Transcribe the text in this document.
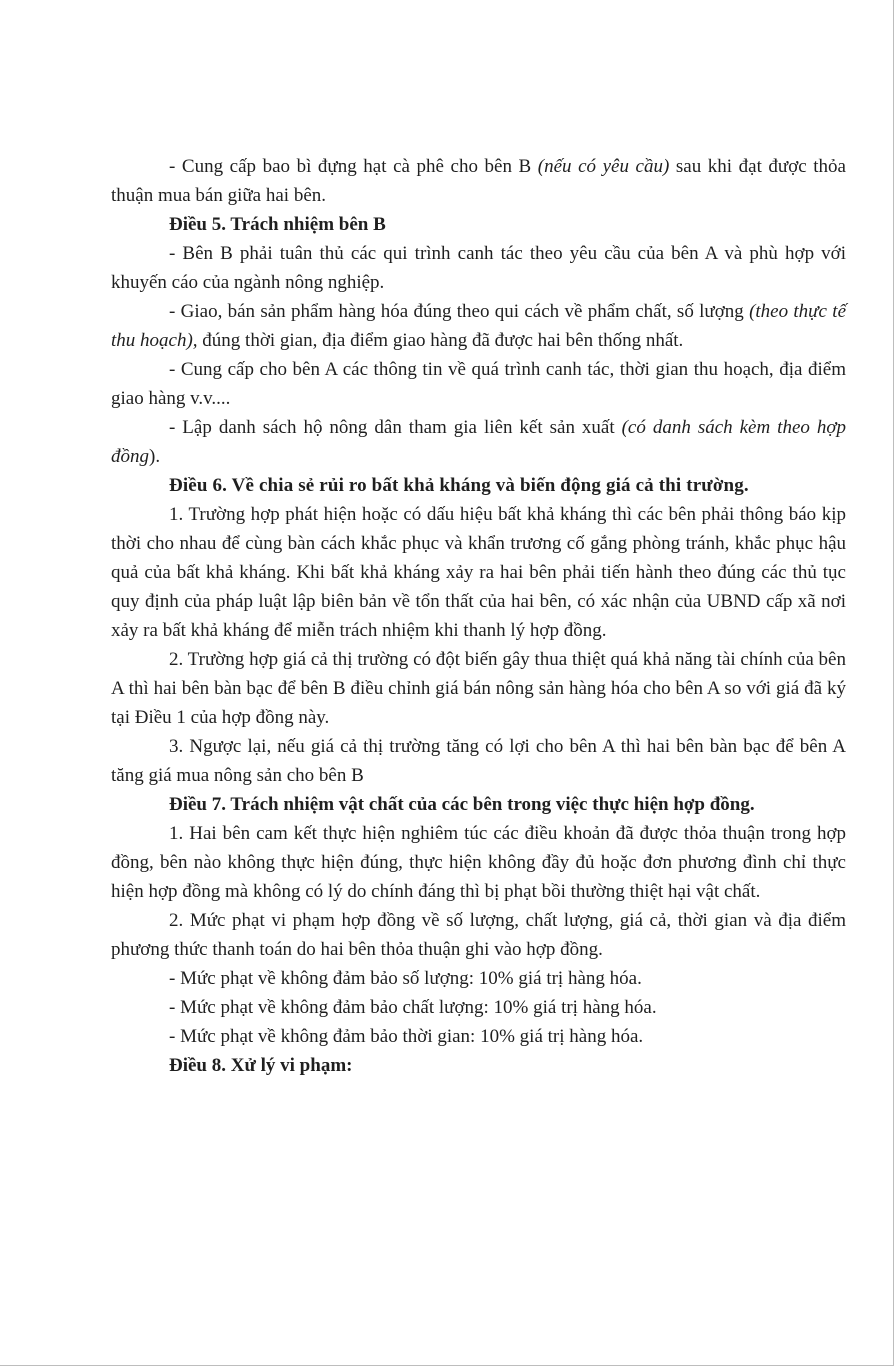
- Cung cấp bao bì đựng hạt cà phê cho bên B (nếu có yêu cầu) sau khi đạt được thỏa thuận mua bán giữa hai bên.

Điều 5. Trách nhiệm bên B

- Bên B phải tuân thủ các qui trình canh tác theo yêu cầu của bên A và phù hợp với khuyến cáo của ngành nông nghiệp.

- Giao, bán sản phẩm hàng hóa đúng theo qui cách về phẩm chất, số lượng (theo thực tế thu hoạch), đúng thời gian, địa điểm giao hàng đã được hai bên thống nhất.

- Cung cấp cho bên A các thông tin về quá trình canh tác, thời gian thu hoạch, địa điểm giao hàng v.v....

- Lập danh sách hộ nông dân tham gia liên kết sản xuất (có danh sách kèm theo hợp đồng).

Điều 6. Về chia sẻ rủi ro bất khả kháng và biến động giá cả thi trường.

1. Trường hợp phát hiện hoặc có dấu hiệu bất khả kháng thì các bên phải thông báo kịp thời cho nhau để cùng bàn cách khắc phục và khẩn trương cố gắng phòng tránh, khắc phục hậu quả của bất khả kháng. Khi bất khả kháng xảy ra hai bên phải tiến hành theo đúng các thủ tục quy định của pháp luật lập biên bản về tổn thất của hai bên, có xác nhận của UBND cấp xã nơi xảy ra bất khả kháng để miễn trách nhiệm khi thanh lý hợp đồng.

2. Trường hợp giá cả thị trường có đột biến gây thua thiệt quá khả năng tài chính của bên A thì hai bên bàn bạc để bên B điều chỉnh giá bán nông sản hàng hóa cho bên A so với giá đã ký tại Điều 1 của hợp đồng này.

3. Ngược lại, nếu giá cả thị trường tăng có lợi cho bên A thì hai bên bàn bạc để bên A tăng giá mua nông sản cho bên B

Điều 7. Trách nhiệm vật chất của các bên trong việc thực hiện hợp đồng.

1. Hai bên cam kết thực hiện nghiêm túc các điều khoản đã được thỏa thuận trong hợp đồng, bên nào không thực hiện đúng, thực hiện không đầy đủ hoặc đơn phương đình chỉ thực hiện hợp đồng mà không có lý do chính đáng thì bị phạt bồi thường thiệt hại vật chất.

2. Mức phạt vi phạm hợp đồng về số lượng, chất lượng, giá cả, thời gian và địa điểm phương thức thanh toán do hai bên thỏa thuận ghi vào hợp đồng.

- Mức phạt về không đảm bảo số lượng: 10% giá trị hàng hóa.

- Mức phạt về không đảm bảo chất lượng: 10% giá trị hàng hóa.

- Mức phạt về không đảm bảo thời gian: 10% giá trị hàng hóa.

Điều 8. Xử lý vi phạm:
